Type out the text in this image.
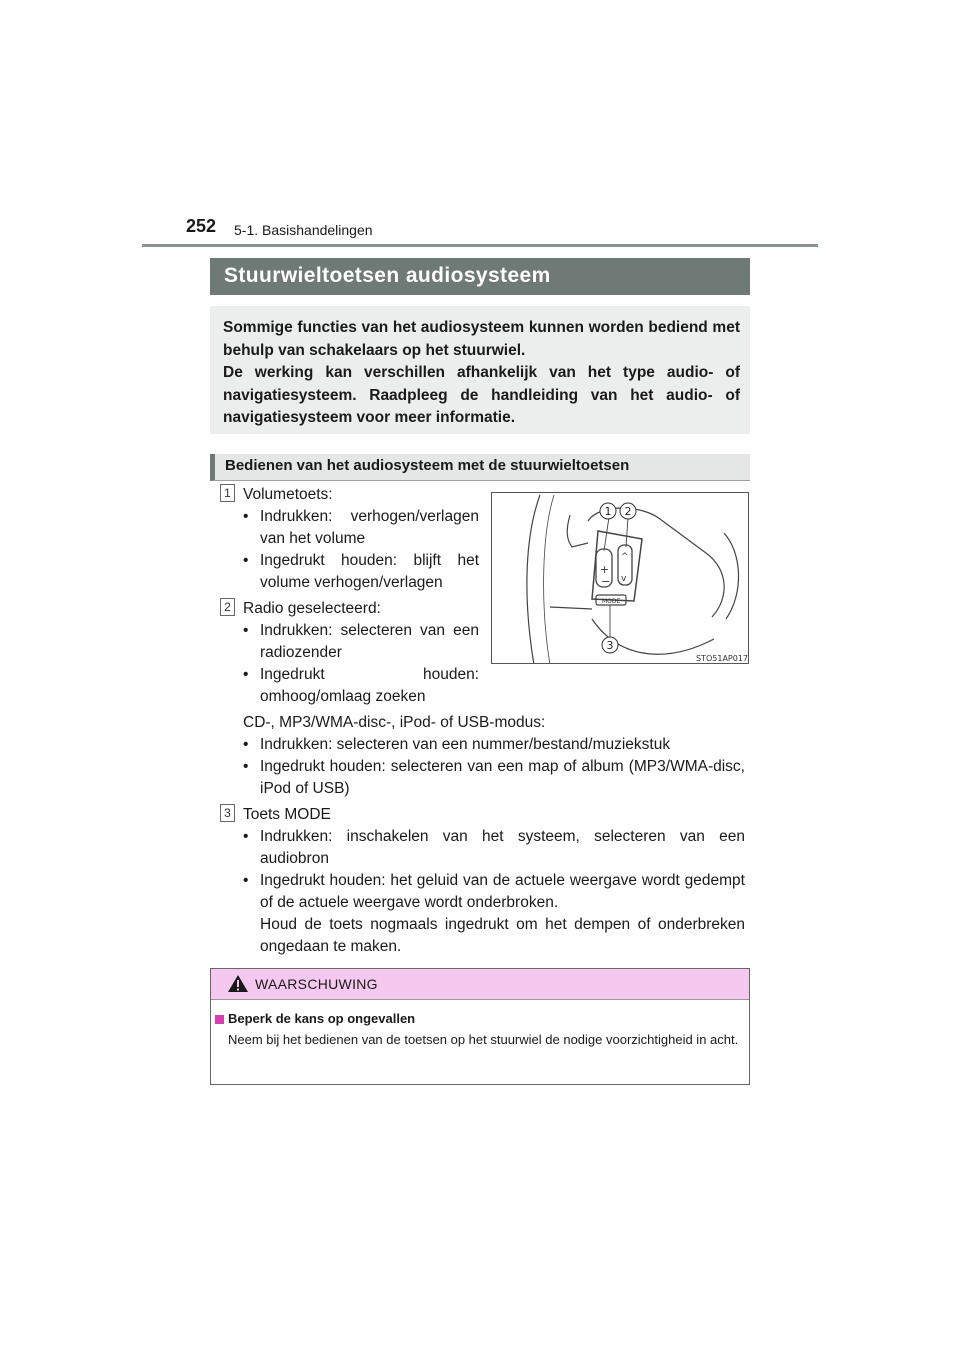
252 5-1. Basishandelingen
Stuurwieltoetsen audiosysteem

Sommige functies van het audiosysteem kunnen worden bediend met behulp van schakelaars op het stuurwiel.

De werking kan verschillen afhankelijk van het type audio- of navigatiesysteem. Raadpleeg de handleiding van het audio- of navigatiesysteem voor meer informatie.

Bedienen van het audiosysteem met de stuurwieltoetsen
1 Volumetoets:
• Indrukken: verhogen/verlagen van het volume
• Ingedrukt houden: blijft het volume verhogen/verlagen
2 Radio geselecteerd:
• Indrukken: selecteren van een radiozender
• Ingedrukt houden: omhoog/omlaag zoeken
CD-, MP3/WMA-disc-, iPod- of USB-modus:
• Indrukken: selecteren van een nummer/bestand/muziekstuk
• Ingedrukt houden: selecteren van een map of album (MP3/WMA-disc, iPod of USB)
3 Toets MODE
• Indrukken: inschakelen van het systeem, selecteren van een audiobron
• Ingedrukt houden: het geluid van de actuele weergave wordt gedempt of de actuele weergave wordt onderbroken.
Houd de toets nogmaals ingedrukt om het dempen of onderbreken ongedaan te maken.
+
−
^
v
MODE
1 2
3
STO51AP017
WAARSCHUWING
Beperk de kans op ongevallen
Neem bij het bedienen van de toetsen op het stuurwiel de nodige voorzichtigheid in acht.
